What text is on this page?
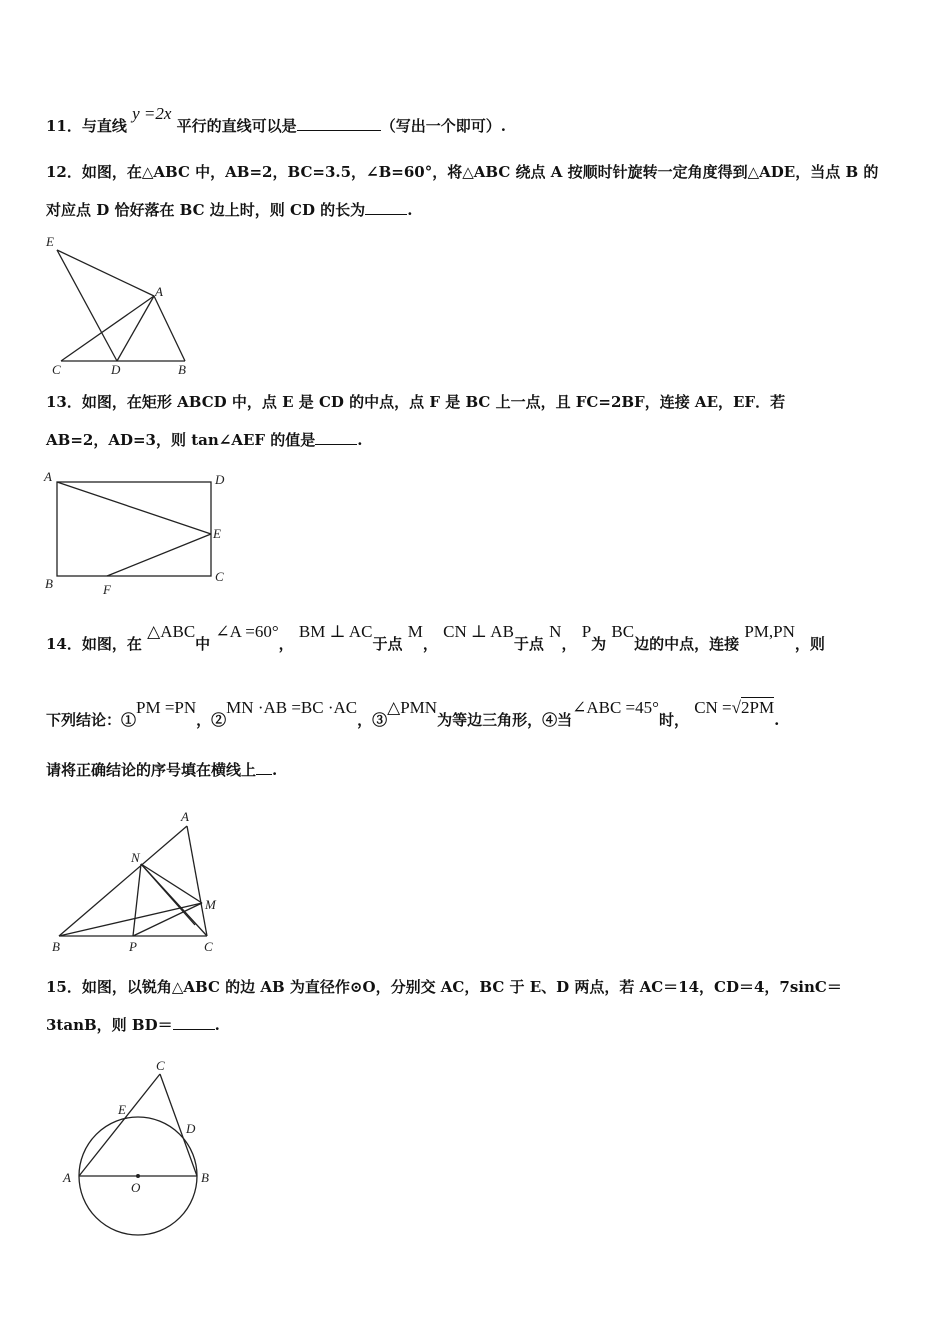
11．与直线 y =2x 平行的直线可以是	（写出一个即可）.
12．如图，在△ABC 中，AB=2，BC=3.5，∠B=60°，将△ABC 绕点 A 按顺时针旋转一定角度得到△ADE，当点 B 的
对应点 D 恰好落在 BC 边上时，则 CD 的长为	.
E
A
C	D	B
13．如图，在矩形 ABCD 中，点 E 是 CD 的中点，点 F 是 BC 上一点，且 FC=2BF，连接 AE，EF．若
AB=2，AD=3，则 tan∠AEF 的值是	.
A	D
E
B	F
C
14．如图，在 △ABC中 ∠A =60°， BM ⊥ AC于点 M， CN ⊥ AB于点 N， P为 BC边的中点，连接 PM,PN，则
下列结论：①PM =PN，②MN ·AB =BC ·AC，③△PMN为等边三角形，④当∠ABC =45°时， CN =√2PM.
请将正确结论的序号填在横线上 .
A
N
M
B	P	C
15．如图，以锐角△ABC 的边 AB 为直径作⊙O，分别交 AC，BC 于 E、D 两点，若 AC＝14，CD＝4，7sinC＝
3tanB，则 BD＝	.
C
E
D
A
O
B
